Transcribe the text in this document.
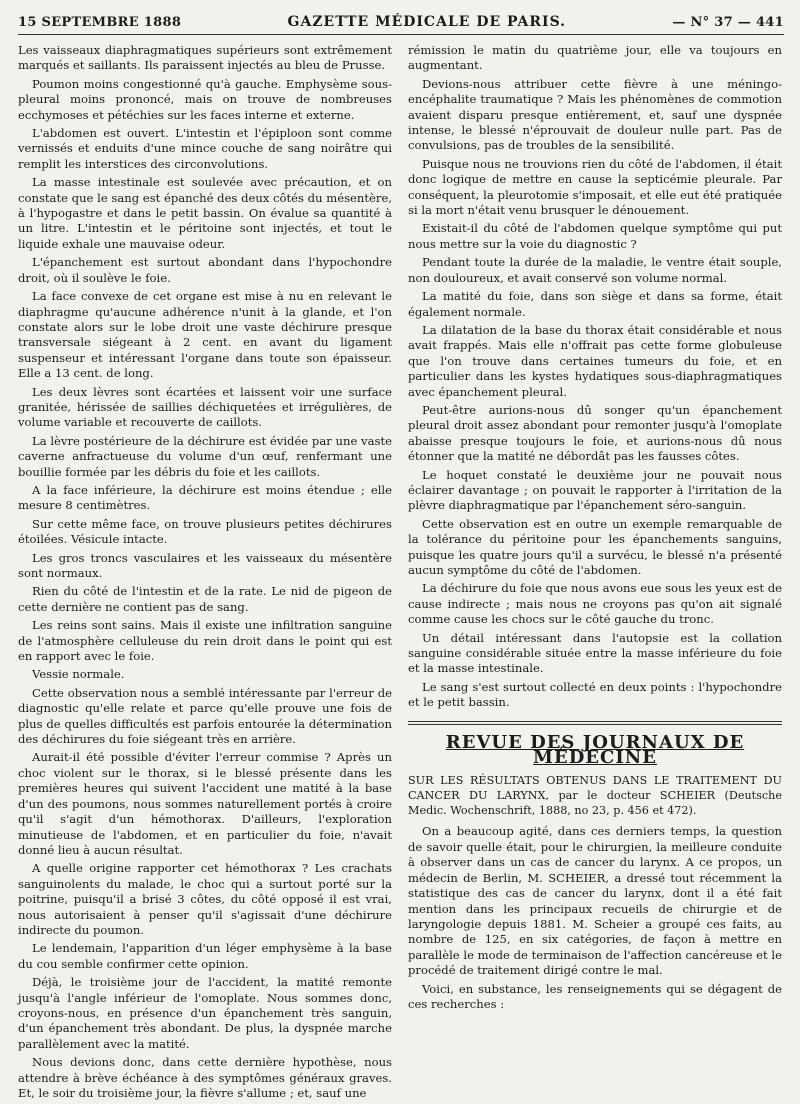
15 SEPTEMBRE 1888	GAZETTE MÉDICALE DE PARIS.	— N° 37 — 441

Les vaisseaux diaphragmatiques supérieurs sont extrêmement marqués et saillants. Ils paraissent injectés au bleu de Prusse.

Poumon moins congestionné qu'à gauche. Emphysème sous-pleural moins prononcé, mais on trouve de nombreuses ecchymoses et pétéchies sur les faces interne et externe.

L'abdomen est ouvert. L'intestin et l'épiploon sont comme vernissés et enduits d'une mince couche de sang noirâtre qui remplit les interstices des circonvolutions.

La masse intestinale est soulevée avec précaution, et on constate que le sang est épanché des deux côtés du mésentère, à l'hypogastre et dans le petit bassin. On évalue sa quantité à un litre. L'intestin et le péritoine sont injectés, et tout le liquide exhale une mauvaise odeur.

L'épanchement est surtout abondant dans l'hypochondre droit, où il soulève le foie.

La face convexe de cet organe est mise à nu en relevant le diaphragme qu'aucune adhérence n'unit à la glande, et l'on constate alors sur le lobe droit une vaste déchirure presque transversale siégeant à 2 cent. en avant du ligament suspenseur et intéressant l'organe dans toute son épaisseur. Elle a 13 cent. de long.

Les deux lèvres sont écartées et laissent voir une surface granitée, hérissée de saillies déchiquetées et irrégulières, de volume variable et recouverte de caillots.

La lèvre postérieure de la déchirure est évidée par une vaste caverne anfractueuse du volume d'un œuf, renfermant une bouillie formée par les débris du foie et les caillots.

A la face inférieure, la déchirure est moins étendue ; elle mesure 8 centimètres.

Sur cette même face, on trouve plusieurs petites déchirures étoilées. Vésicule intacte.

Les gros troncs vasculaires et les vaisseaux du mésentère sont normaux.

Rien du côté de l'intestin et de la rate. Le nid de pigeon de cette dernière ne contient pas de sang.

Les reins sont sains. Mais il existe une infiltration sanguine de l'atmosphère celluleuse du rein droit dans le point qui est en rapport avec le foie.

Vessie normale.

Cette observation nous a semblé intéressante par l'erreur de diagnostic qu'elle relate et parce qu'elle prouve une fois de plus de quelles difficultés est parfois entourée la détermination des déchirures du foie siégeant très en arrière.

Aurait-il été possible d'éviter l'erreur commise ? Après un choc violent sur le thorax, si le blessé présente dans les premières heures qui suivent l'accident une matité à la base d'un des poumons, nous sommes naturellement portés à croire qu'il s'agit d'un hémothorax. D'ailleurs, l'exploration minutieuse de l'abdomen, et en particulier du foie, n'avait donné lieu à aucun résultat.

A quelle origine rapporter cet hémothorax ? Les crachats sanguinolents du malade, le choc qui a surtout porté sur la poitrine, puisqu'il a brisé 3 côtes, du côté opposé il est vrai, nous autorisaient à penser qu'il s'agissait d'une déchirure indirecte du poumon.

Le lendemain, l'apparition d'un léger emphysème à la base du cou semble confirmer cette opinion.

Déjà, le troisième jour de l'accident, la matité remonte jusqu'à l'angle inférieur de l'omoplate. Nous sommes donc, croyons-nous, en présence d'un épanchement très sanguin, d'un épanchement très abondant. De plus, la dyspnée marche parallèlement avec la matité.

Nous devions donc, dans cette dernière hypothèse, nous attendre à brève échéance à des symptômes généraux graves. Et, le soir du troisième jour, la fièvre s'allume ; et, sauf une

rémission le matin du quatrième jour, elle va toujours en augmentant.

Devions-nous attribuer cette fièvre à une méningo-encéphalite traumatique ? Mais les phénomènes de commotion avaient disparu presque entièrement, et, sauf une dyspnée intense, le blessé n'éprouvait de douleur nulle part. Pas de convulsions, pas de troubles de la sensibilité.

Puisque nous ne trouvions rien du côté de l'abdomen, il était donc logique de mettre en cause la septicémie pleurale. Par conséquent, la pleurotomie s'imposait, et elle eut été pratiquée si la mort n'était venu brusquer le dénouement.

Existait-il du côté de l'abdomen quelque symptôme qui put nous mettre sur la voie du diagnostic ?

Pendant toute la durée de la maladie, le ventre était souple, non douloureux, et avait conservé son volume normal.

La matité du foie, dans son siège et dans sa forme, était également normale.

La dilatation de la base du thorax était considérable et nous avait frappés. Mais elle n'offrait pas cette forme globuleuse que l'on trouve dans certaines tumeurs du foie, et en particulier dans les kystes hydatiques sous-diaphragmatiques avec épanchement pleural.

Peut-être aurions-nous dû songer qu'un épanchement pleural droit assez abondant pour remonter jusqu'à l'omoplate abaisse presque toujours le foie, et aurions-nous dû nous étonner que la matité ne débordât pas les fausses côtes.

Le hoquet constaté le deuxième jour ne pouvait nous éclairer davantage ; on pouvait le rapporter à l'irritation de la plèvre diaphragmatique par l'épanchement séro-sanguin.

Cette observation est en outre un exemple remarquable de la tolérance du péritoine pour les épanchements sanguins, puisque les quatre jours qu'il a survécu, le blessé n'a présenté aucun symptôme du côté de l'abdomen.

La déchirure du foie que nous avons eue sous les yeux est de cause indirecte ; mais nous ne croyons pas qu'on ait signalé comme cause les chocs sur le côté gauche du tronc.

Un détail intéressant dans l'autopsie est la collation sanguine considérable située entre la masse inférieure du foie et la masse intestinale.

Le sang s'est surtout collecté en deux points : l'hypochondre et le petit bassin.

REVUE DES JOURNAUX DE MÉDECINE
SUR LES RÉSULTATS OBTENUS DANS LE TRAITEMENT DU CANCER DU LARYNX, par le docteur SCHEIER (Deutsche Medic. Wochenschrift, 1888, no 23, p. 456 et 472).

On a beaucoup agité, dans ces derniers temps, la question de savoir quelle était, pour le chirurgien, la meilleure conduite à observer dans un cas de cancer du larynx. A ce propos, un médecin de Berlin, M. SCHEIER, a dressé tout récemment la statistique des cas de cancer du larynx, dont il a été fait mention dans les principaux recueils de chirurgie et de laryngologie depuis 1881. M. Scheier a groupé ces faits, au nombre de 125, en six catégories, de façon à mettre en parallèle le mode de terminaison de l'affection cancéreuse et le procédé de traitement dirigé contre le mal.

Voici, en substance, les renseignements qui se dégagent de ces recherches :
